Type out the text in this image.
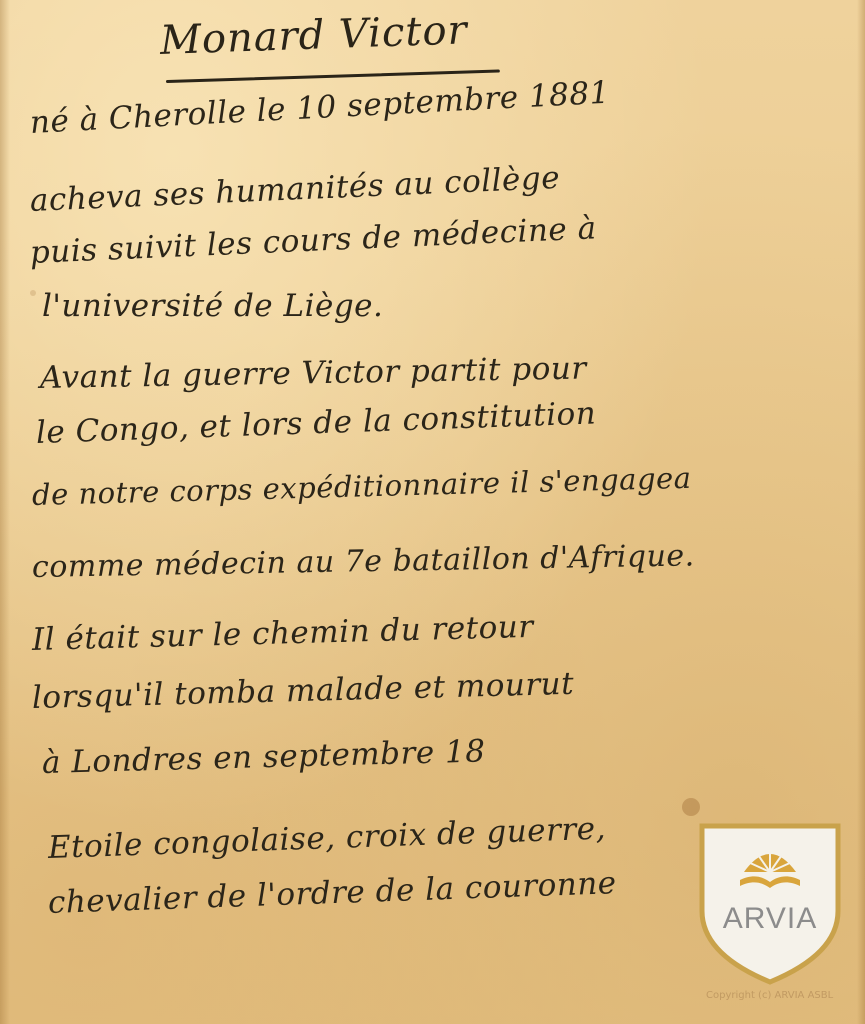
Monard Victor
né à Cherolle le 10 septembre 1881
acheva ses humanités au collège
puis suivit les cours de médecine à
l'université de Liège.
Avant la guerre Victor partit pour
le Congo, et lors de la constitution
de notre corps expéditionnaire il s'engagea
comme médecin au 7e bataillon d'Afrique.
Il était sur le chemin du retour
lorsqu'il tomba malade et mourut
à Londres en septembre 18
Etoile congolaise, croix de guerre,
chevalier de l'ordre de la couronne	ARVIA
Copyright (c) ARVIA ASBL
